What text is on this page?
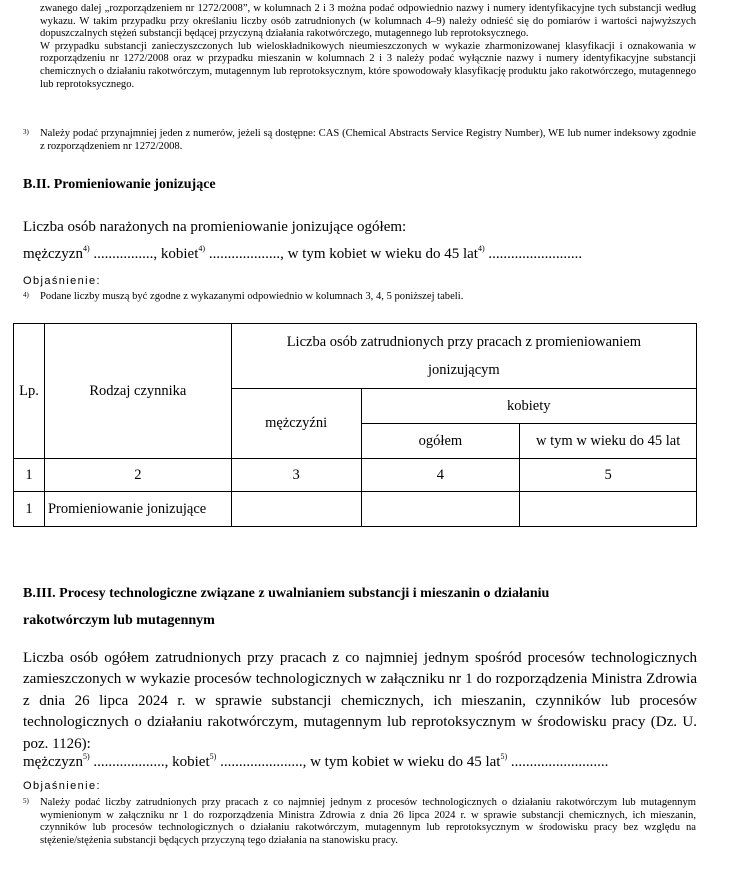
zwanego dalej „rozporządzeniem nr 1272/2008”, w kolumnach 2 i 3 można podać odpowiednio nazwy i numery identyfikacyjne tych substancji według wykazu. W takim przypadku przy określaniu liczby osób zatrudnionych (w kolumnach 4–9) należy odnieść się do pomiarów i wartości najwyższych dopuszczalnych stężeń substancji będącej przyczyną działania rakotwórczego, mutagennego lub reprotoksycznego.
W przypadku substancji zanieczyszczonych lub wieloskładnikowych nieumieszczonych w wykazie zharmonizowanej klasyfikacji i oznakowania w rozporządzeniu nr 1272/2008 oraz w przypadku mieszanin w kolumnach 2 i 3 należy podać wyłącznie nazwy i numery identyfikacyjne substancji chemicznych o działaniu rakotwórczym, mutagennym lub reprotoksycznym, które spowodowały klasyfikację produktu jako rakotwórczego, mutagennego lub reprotoksycznego.
3) Należy podać przynajmniej jeden z numerów, jeżeli są dostępne: CAS (Chemical Abstracts Service Registry Number), WE lub numer indeksowy zgodnie z rozporządzeniem nr 1272/2008.
B.II. Promieniowanie jonizujące
Liczba osób narażonych na promieniowanie jonizujące ogółem:
mężczyzn$^{4)}$ ................, kobiet$^{4)}$ ..................., w tym kobiet w wieku do 45 lat$^{4)}$ .........................
Objaśnienie:
4) Podane liczby muszą być zgodne z wykazanymi odpowiednio w kolumnach 3, 4, 5 poniższej tabeli.
Lp.	Rodzaj czynnika	Liczba osób zatrudnionych przy pracach z promieniowaniem jonizującym		
		mężczyźni	kobiety	
			ogółem	w tym w wieku do 45 lat
1	2	3	4	5
1	Promieniowanie jonizujące			
B.III. Procesy technologiczne związane z uwalnianiem substancji i mieszanin o działaniu
rakotwórczym lub mutagennym
Liczba osób ogółem zatrudnionych przy pracach z co najmniej jednym spośród procesów technologicznych zamieszczonych w wykazie procesów technologicznych w załączniku nr 1 do rozporządzenia Ministra Zdrowia z dnia 26 lipca 2024 r. w sprawie substancji chemicznych, ich mieszanin, czynników lub procesów technologicznych o działaniu rakotwórczym, mutagennym lub reprotoksycznym w środowisku pracy (Dz. U. poz. 1126):
mężczyzn$^{5)}$ ..................., kobiet$^{5)}$ ......................, w tym kobiet w wieku do 45 lat$^{5)}$ ..........................
Objaśnienie:
5) Należy podać liczby zatrudnionych przy pracach z co najmniej jednym z procesów technologicznych o działaniu rakotwórczym lub mutagennym wymienionym w załączniku nr 1 do rozporządzenia Ministra Zdrowia z dnia 26 lipca 2024 r. w sprawie substancji chemicznych, ich mieszanin, czynników lub procesów technologicznych o działaniu rakotwórczym, mutagennym lub reprotoksycznym w środowisku pracy bez względu na stężenie/stężenia substancji będących przyczyną tego działania na stanowisku pracy.
